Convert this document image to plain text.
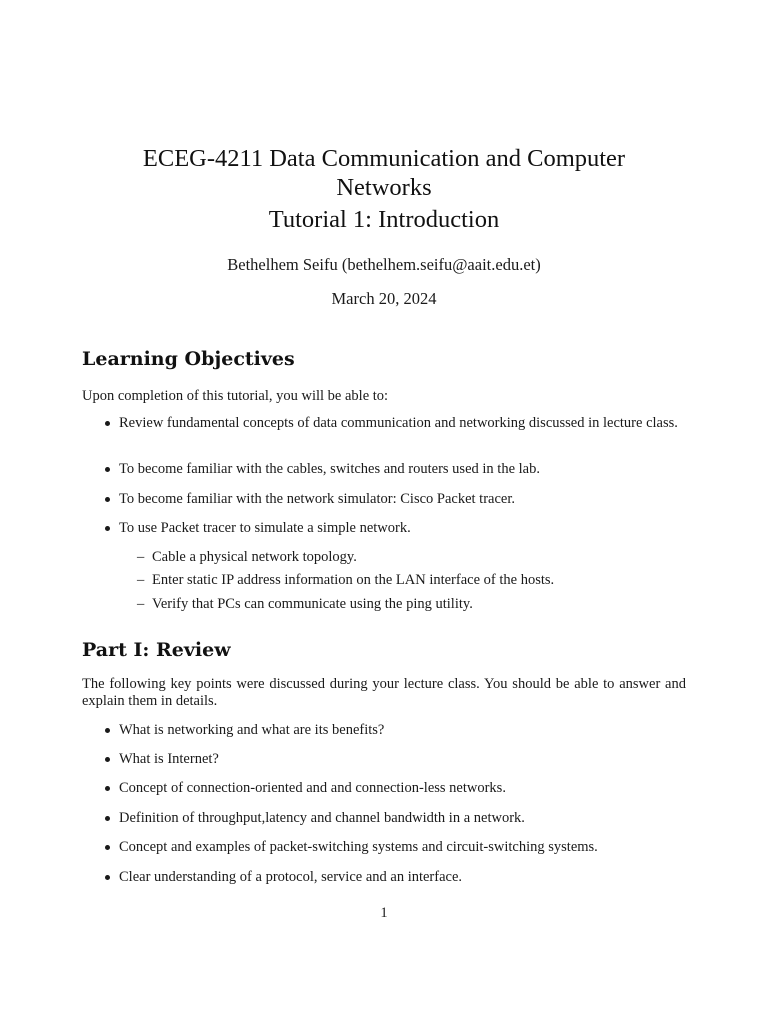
ECEG-4211 Data Communication and Computer
Networks
Tutorial 1: Introduction
Bethelhem Seifu (bethelhem.seifu@aait.edu.et)
March 20, 2024
Learning Objectives

Upon completion of this tutorial, you will be able to:

Review fundamental concepts of data communication and networking discussed in lecture class.
To become familiar with the cables, switches and routers used in the lab.
To become familiar with the network simulator: Cisco Packet tracer.
To use Packet tracer to simulate a simple network.
– Cable a physical network topology.
– Enter static IP address information on the LAN interface of the hosts.
– Verify that PCs can communicate using the ping utility.
Part I: Review

The following key points were discussed during your lecture class. You should be able to answer and explain them in details.

What is networking and what are its benefits?
What is Internet?
Concept of connection-oriented and and connection-less networks.
Definition of throughput,latency and channel bandwidth in a network.
Concept and examples of packet-switching systems and circuit-switching systems.
Clear understanding of a protocol, service and an interface.
1
